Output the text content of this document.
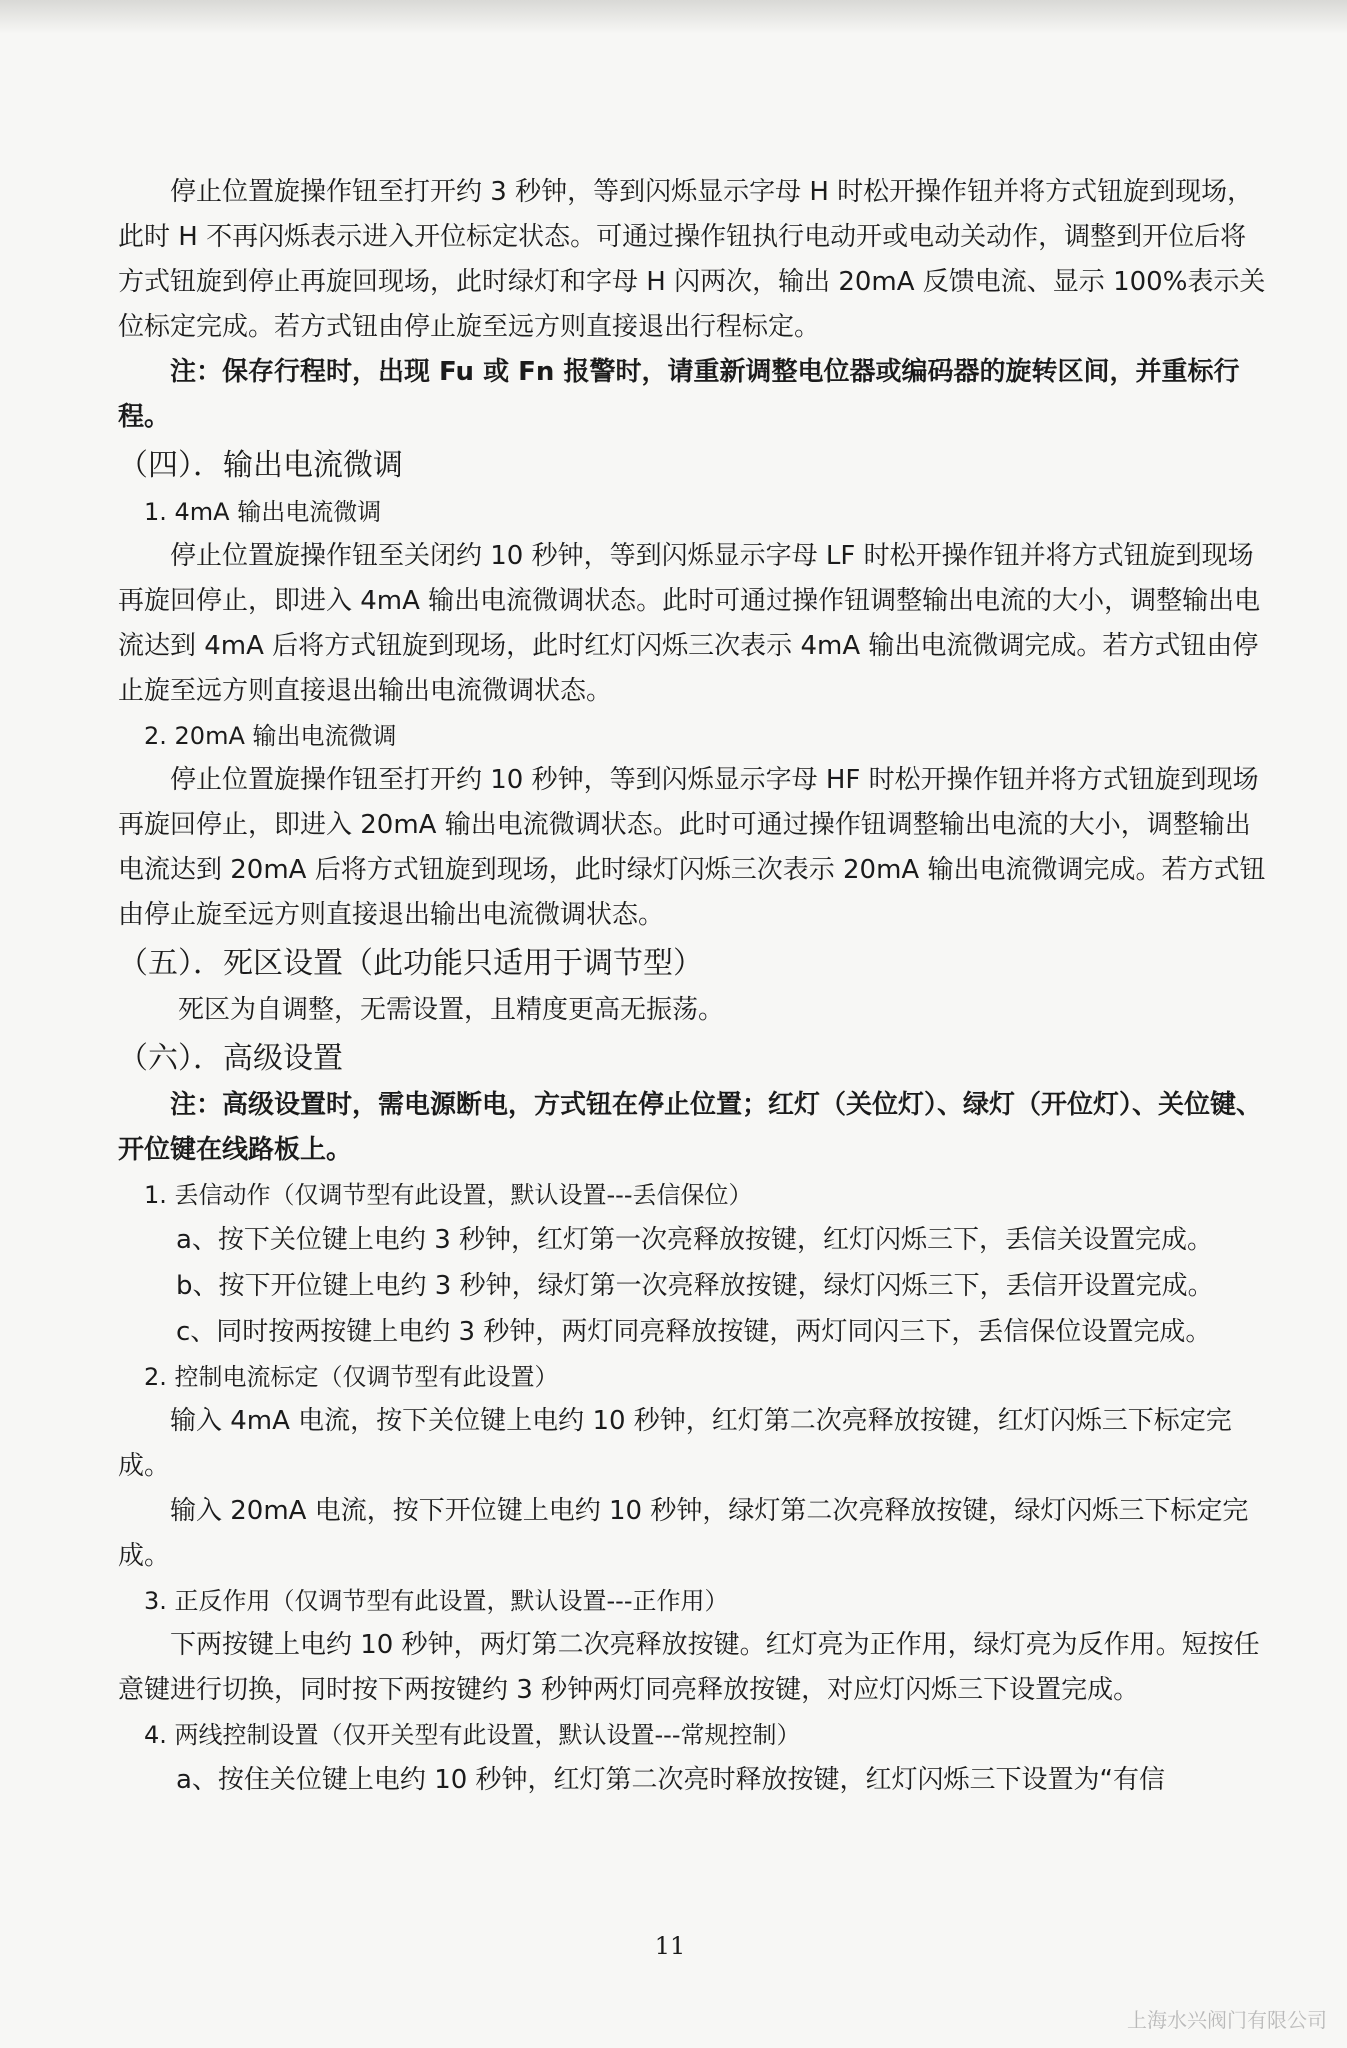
停止位置旋操作钮至打开约 3 秒钟，等到闪烁显示字母 H 时松开操作钮并将方式钮旋到现场，此时 H 不再闪烁表示进入开位标定状态。可通过操作钮执行电动开或电动关动作，调整到开位后将方式钮旋到停止再旋回现场，此时绿灯和字母 H 闪两次，输出 20mA 反馈电流、显示 100%表示关位标定完成。若方式钮由停止旋至远方则直接退出行程标定。

注：保存行程时，出现 Fu 或 Fn 报警时，请重新调整电位器或编码器的旋转区间，并重标行程。

（四）．输出电流微调

1. 4mA 输出电流微调

停止位置旋操作钮至关闭约 10 秒钟，等到闪烁显示字母 LF 时松开操作钮并将方式钮旋到现场再旋回停止，即进入 4mA 输出电流微调状态。此时可通过操作钮调整输出电流的大小，调整输出电流达到 4mA 后将方式钮旋到现场，此时红灯闪烁三次表示 4mA 输出电流微调完成。若方式钮由停止旋至远方则直接退出输出电流微调状态。

2. 20mA 输出电流微调

停止位置旋操作钮至打开约 10 秒钟，等到闪烁显示字母 HF 时松开操作钮并将方式钮旋到现场再旋回停止，即进入 20mA 输出电流微调状态。此时可通过操作钮调整输出电流的大小，调整输出电流达到 20mA 后将方式钮旋到现场，此时绿灯闪烁三次表示 20mA 输出电流微调完成。若方式钮由停止旋至远方则直接退出输出电流微调状态。

（五）．死区设置（此功能只适用于调节型）

死区为自调整，无需设置，且精度更高无振荡。

（六）．高级设置

注：高级设置时，需电源断电，方式钮在停止位置；红灯（关位灯）、绿灯（开位灯）、关位键、开位键在线路板上。

1. 丢信动作（仅调节型有此设置，默认设置---丢信保位）

a、按下关位键上电约 3 秒钟，红灯第一次亮释放按键，红灯闪烁三下，丢信关设置完成。

b、按下开位键上电约 3 秒钟，绿灯第一次亮释放按键，绿灯闪烁三下，丢信开设置完成。

c、同时按两按键上电约 3 秒钟，两灯同亮释放按键，两灯同闪三下，丢信保位设置完成。

2. 控制电流标定（仅调节型有此设置）

输入 4mA 电流，按下关位键上电约 10 秒钟，红灯第二次亮释放按键，红灯闪烁三下标定完成。

输入 20mA 电流，按下开位键上电约 10 秒钟，绿灯第二次亮释放按键，绿灯闪烁三下标定完成。

3. 正反作用（仅调节型有此设置，默认设置---正作用）

下两按键上电约 10 秒钟，两灯第二次亮释放按键。红灯亮为正作用，绿灯亮为反作用。短按任意键进行切换，同时按下两按键约 3 秒钟两灯同亮释放按键，对应灯闪烁三下设置完成。

4. 两线控制设置（仅开关型有此设置，默认设置---常规控制）

a、按住关位键上电约 10 秒钟，红灯第二次亮时释放按键，红灯闪烁三下设置为“有信

11
上海水兴阀门有限公司
